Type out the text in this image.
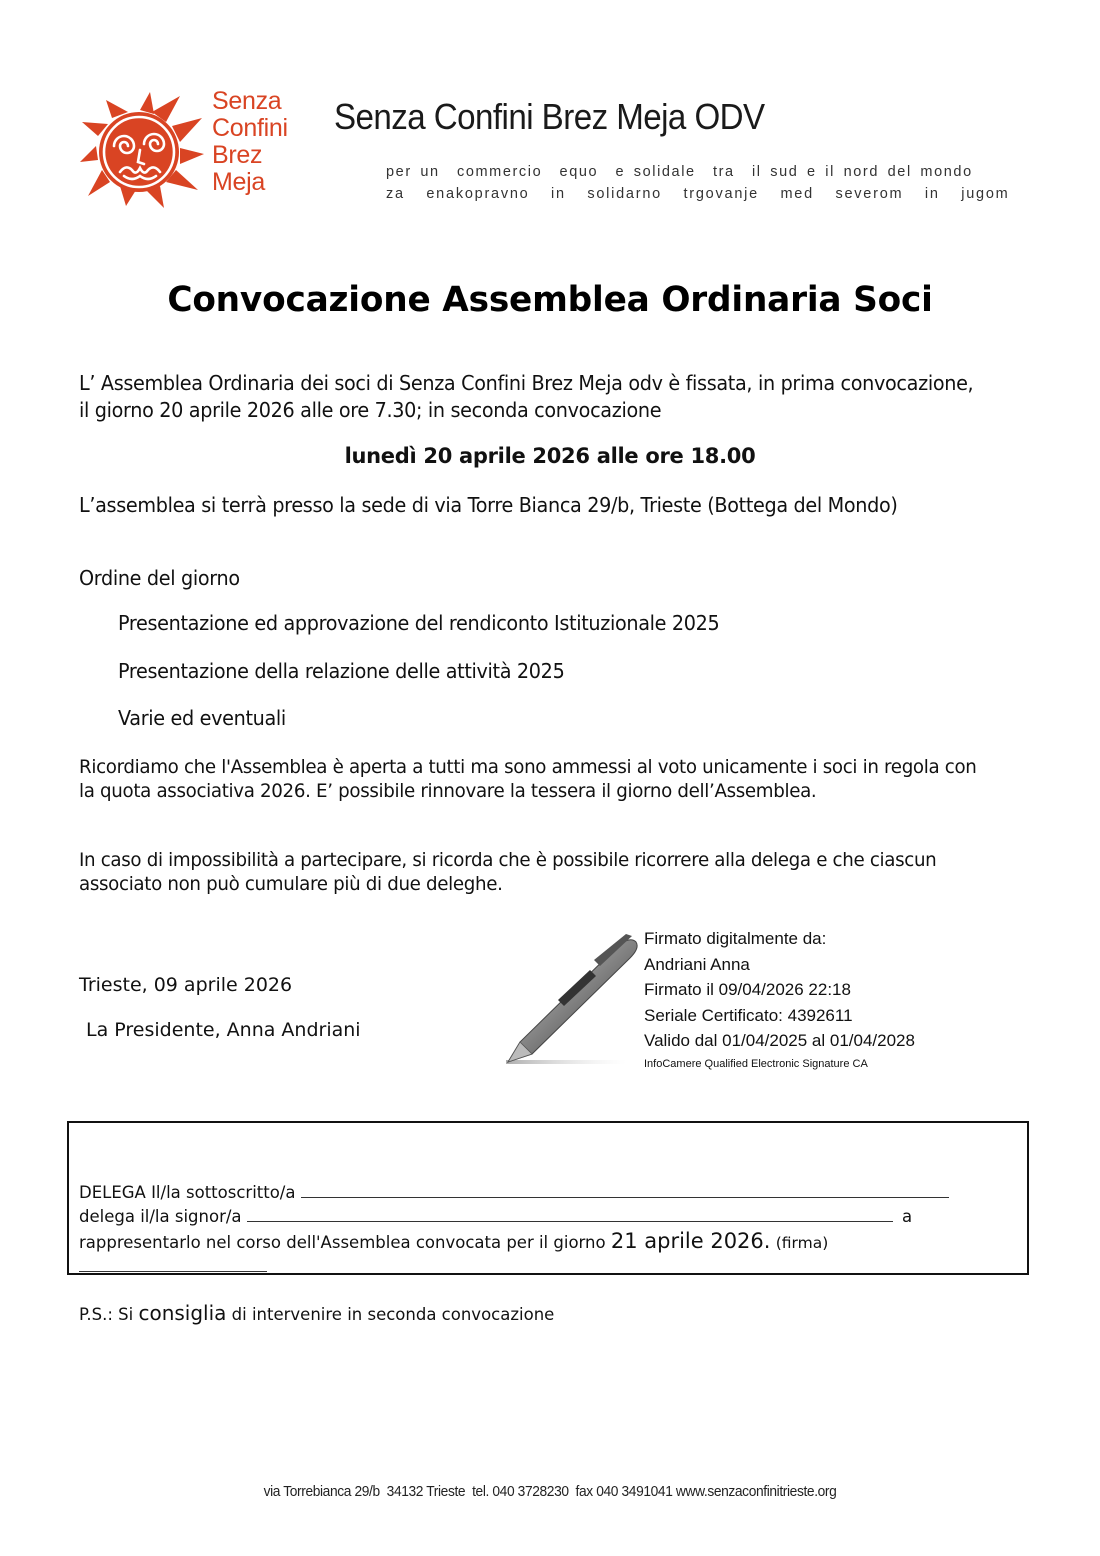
Senza
Confini
Brez
Meja
Senza Confini Brez Meja ODV
per un  commercio  equo  e solidale  tra  il sud e il nord del mondo
za  enakopravno  in  solidarno  trgovanje  med  severom  in  jugom
Convocazione Assemblea Ordinaria Soci
L’ Assemblea Ordinaria dei soci di Senza Confini Brez Meja odv è fissata, in prima convocazione, il giorno 20 aprile 2026 alle ore 7.30; in seconda convocazione
lunedì 20 aprile 2026 alle ore 18.00
L’assemblea si terrà presso la sede di via Torre Bianca 29/b, Trieste (Bottega del Mondo)
Ordine del giorno
Presentazione ed approvazione del rendiconto Istituzionale 2025
Presentazione della relazione delle attività 2025
Varie ed eventuali
Ricordiamo che l'Assemblea è aperta a tutti ma sono ammessi al voto unicamente i soci in regola con la quota associativa 2026. E’ possibile rinnovare la tessera il giorno dell’Assemblea.
In caso di impossibilità a partecipare, si ricorda che è possibile ricorrere alla delega e che ciascun associato non può cumulare più di due deleghe.
Trieste, 09 aprile 2026
La Presidente, Anna Andriani
Firmato digitalmente da:
Andriani Anna
Firmato il 09/04/2026 22:18
Seriale Certificato: 4392611
Valido dal 01/04/2025 al 01/04/2028
InfoCamere Qualified Electronic Signature CA
DELEGA Il/la sottoscritto/a
delega il/la signor/a	a
rappresentarlo nel corso dell'Assemblea convocata per il giorno 21 aprile 2026. (firma)
P.S.: Si consiglia di intervenire in seconda convocazione
via Torrebianca 29/b  34132 Trieste  tel. 040 3728230  fax 040 3491041 www.senzaconfinitrieste.org
